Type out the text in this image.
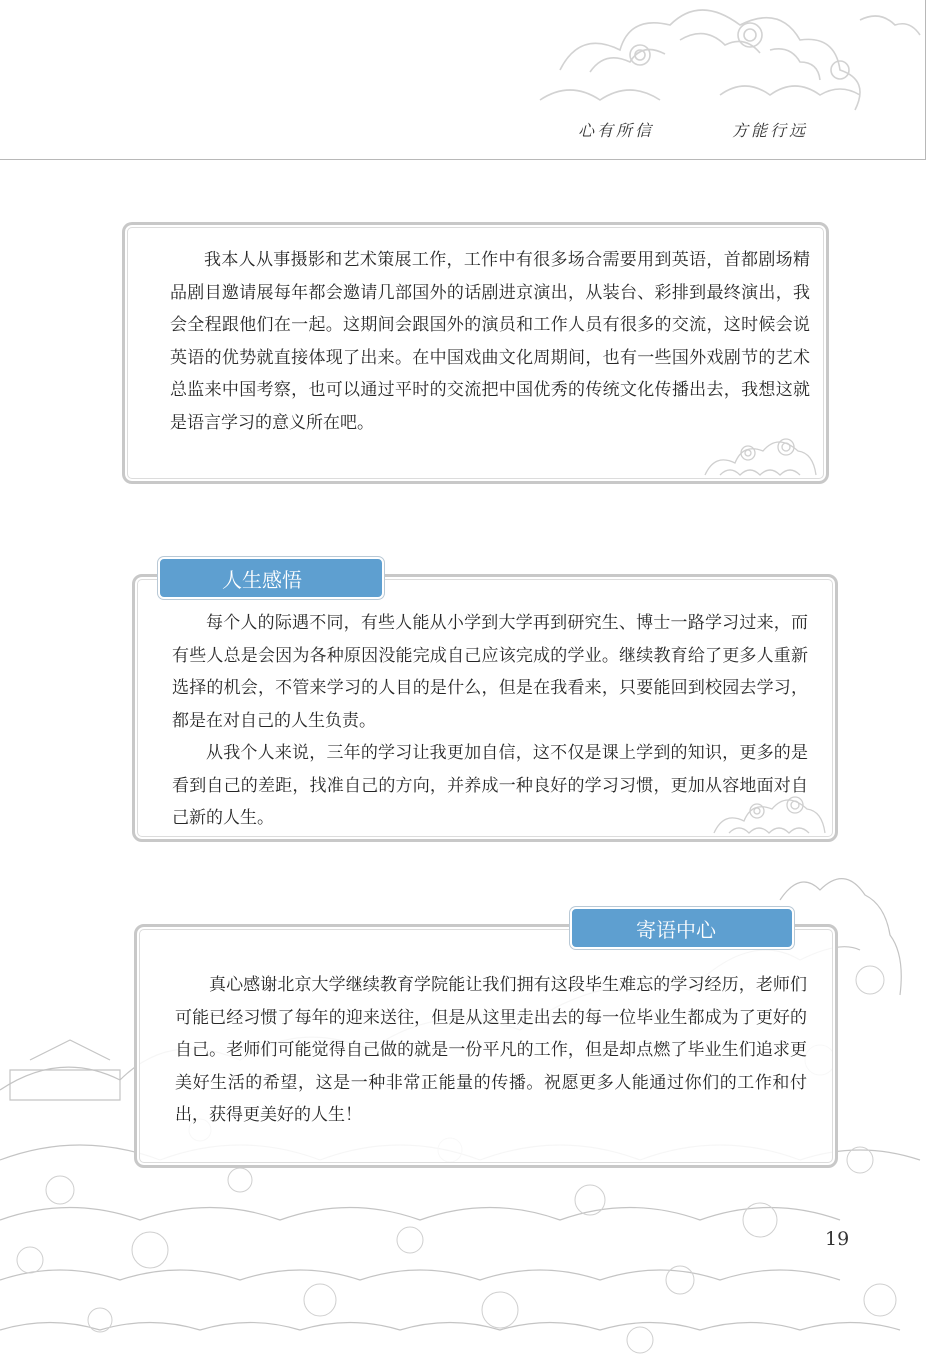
心有所信	方能行远

我本人从事摄影和艺术策展工作，工作中有很多场合需要用到英语，首都剧场精品剧目邀请展每年都会邀请几部国外的话剧进京演出，从装台、彩排到最终演出，我会全程跟他们在一起。这期间会跟国外的演员和工作人员有很多的交流，这时候会说英语的优势就直接体现了出来。在中国戏曲文化周期间，也有一些国外戏剧节的艺术总监来中国考察，也可以通过平时的交流把中国优秀的传统文化传播出去，我想这就是语言学习的意义所在吧。

每个人的际遇不同，有些人能从小学到大学再到研究生、博士一路学习过来，而有些人总是会因为各种原因没能完成自己应该完成的学业。继续教育给了更多人重新选择的机会，不管来学习的人目的是什么，但是在我看来，只要能回到校园去学习，都是在对自己的人生负责。

从我个人来说，三年的学习让我更加自信，这不仅是课上学到的知识，更多的是看到自己的差距，找准自己的方向，并养成一种良好的学习习惯，更加从容地面对自己新的人生。

人生感悟

真心感谢北京大学继续教育学院能让我们拥有这段毕生难忘的学习经历，老师们可能已经习惯了每年的迎来送往，但是从这里走出去的每一位毕业生都成为了更好的自己。老师们可能觉得自己做的就是一份平凡的工作，但是却点燃了毕业生们追求更美好生活的希望，这是一种非常正能量的传播。祝愿更多人能通过你们的工作和付出，获得更美好的人生！

寄语中心
19
